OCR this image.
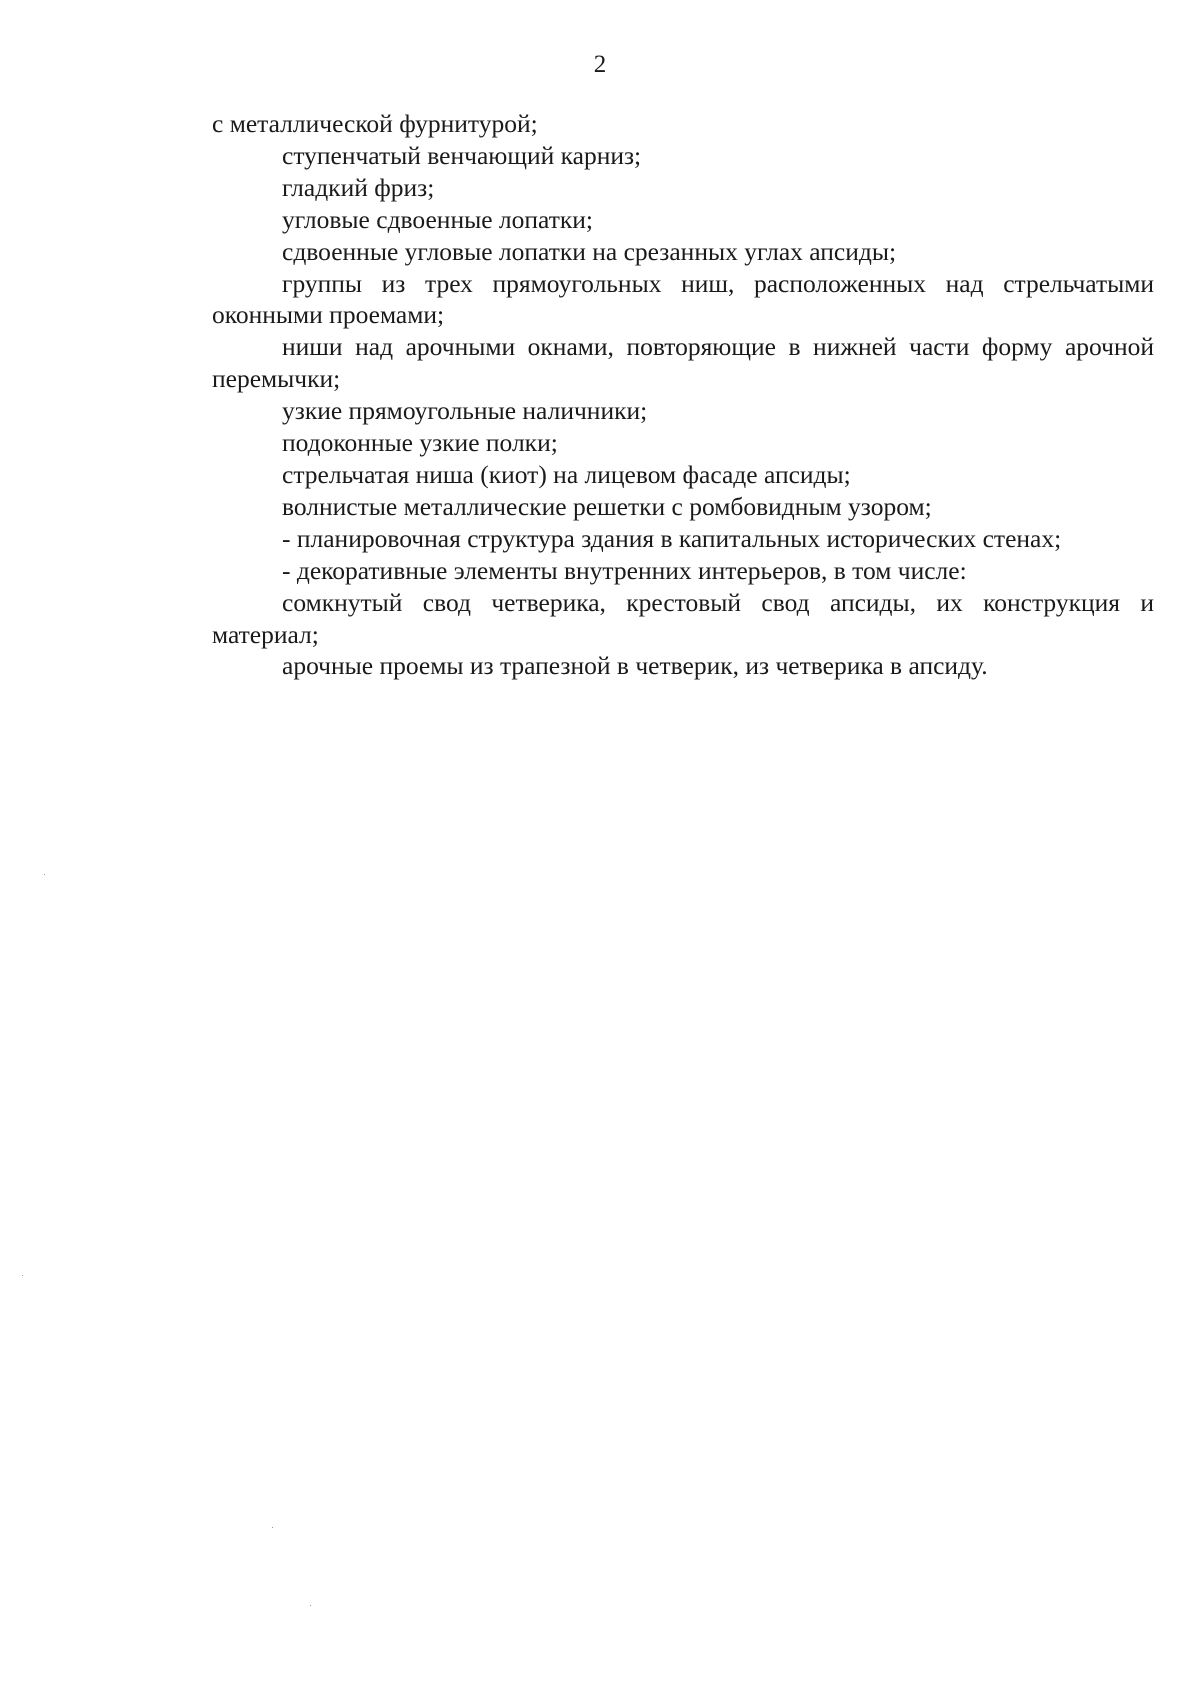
2

с металлической фурнитурой;

ступенчатый венчающий карниз;

гладкий фриз;

угловые сдвоенные лопатки;

сдвоенные угловые лопатки на срезанных углах апсиды;

группы из трех прямоугольных ниш, расположенных над стрельчатыми оконными проемами;

ниши над арочными окнами, повторяющие в нижней части форму арочной перемычки;

узкие прямоугольные наличники;

подоконные узкие полки;

стрельчатая ниша (киот) на лицевом фасаде апсиды;

волнистые металлические решетки с ромбовидным узором;

- планировочная структура здания в капитальных исторических стенах;

- декоративные элементы внутренних интерьеров, в том числе:

сомкнутый свод четверика, крестовый свод апсиды, их конструкция и материал;

арочные проемы из трапезной в четверик, из четверика в апсиду.
